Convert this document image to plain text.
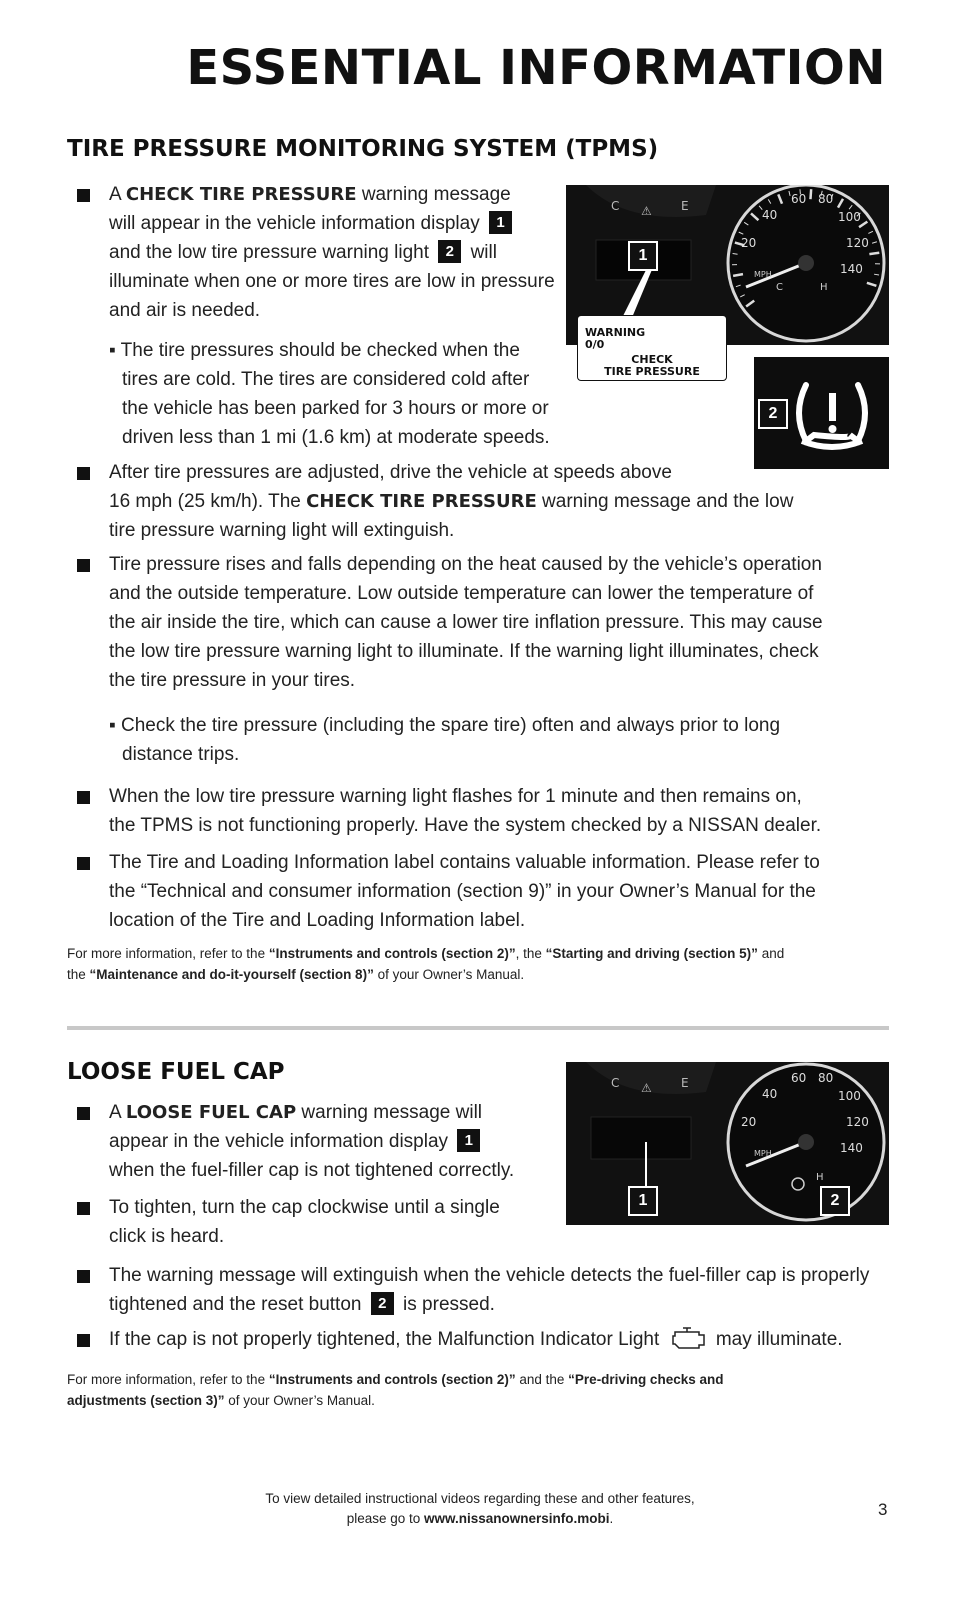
ESSENTIAL INFORMATION
TIRE PRESSURE MONITORING SYSTEM (TPMS)
A CHECK TIRE PRESSURE warning message
will appear in the vehicle information display 1
and the low tire pressure warning light 2 will
illuminate when one or more tires are low in pressure
and air is needed.
▪ The tire pressures should be checked when the
tires are cold. The tires are considered cold after
the vehicle has been parked for 3 hours or more or
driven less than 1 mi (1.6 km) at moderate speeds.
After tire pressures are adjusted, drive the vehicle at speeds above
16 mph (25 km/h). The CHECK TIRE PRESSURE warning message and the low
tire pressure warning light will extinguish.
Tire pressure rises and falls depending on the heat caused by the vehicle’s operation
and the outside temperature. Low outside temperature can lower the temperature of
the air inside the tire, which can cause a lower tire inflation pressure. This may cause
the low tire pressure warning light to illuminate. If the warning light illuminates, check
the tire pressure in your tires.
▪ Check the tire pressure (including the spare tire) often and always prior to long
distance trips.
When the low tire pressure warning light flashes for 1 minute and then remains on,
the TPMS is not functioning properly. Have the system checked by a NISSAN dealer.
The Tire and Loading Information label contains valuable information. Please refer to
the “Technical and consumer information (section 9)” in your Owner’s Manual for the
location of the Tire and Loading Information label.
For more information, refer to the “Instruments and controls (section 2)”, the “Starting and driving (section 5)” and
the “Maintenance and do-it-yourself (section 8)” of your Owner’s Manual.
C ⚠ E
40
60 80
100
120
140
20
MPH
C	H
1
WARNING
0/0
CHECK
TIRE PRESSURE
2
LOOSE FUEL CAP
A LOOSE FUEL CAP warning message will
appear in the vehicle information display 1
when the fuel-filler cap is not tightened correctly.
To tighten, turn the cap clockwise until a single
click is heard.
The warning message will extinguish when the vehicle detects the fuel-filler cap is properly
tightened and the reset button 2 is pressed.
If the cap is not properly tightened, the Malfunction Indicator Light	may illuminate.
For more information, refer to the “Instruments and controls (section 2)” and the “Pre-driving checks and
adjustments (section 3)” of your Owner’s Manual.
C ⚠ E
40
60 80
100
120
140
20
MPH
H
1	2
To view detailed instructional videos regarding these and other features,
please go to www.nissanownersinfo.mobi.	3
